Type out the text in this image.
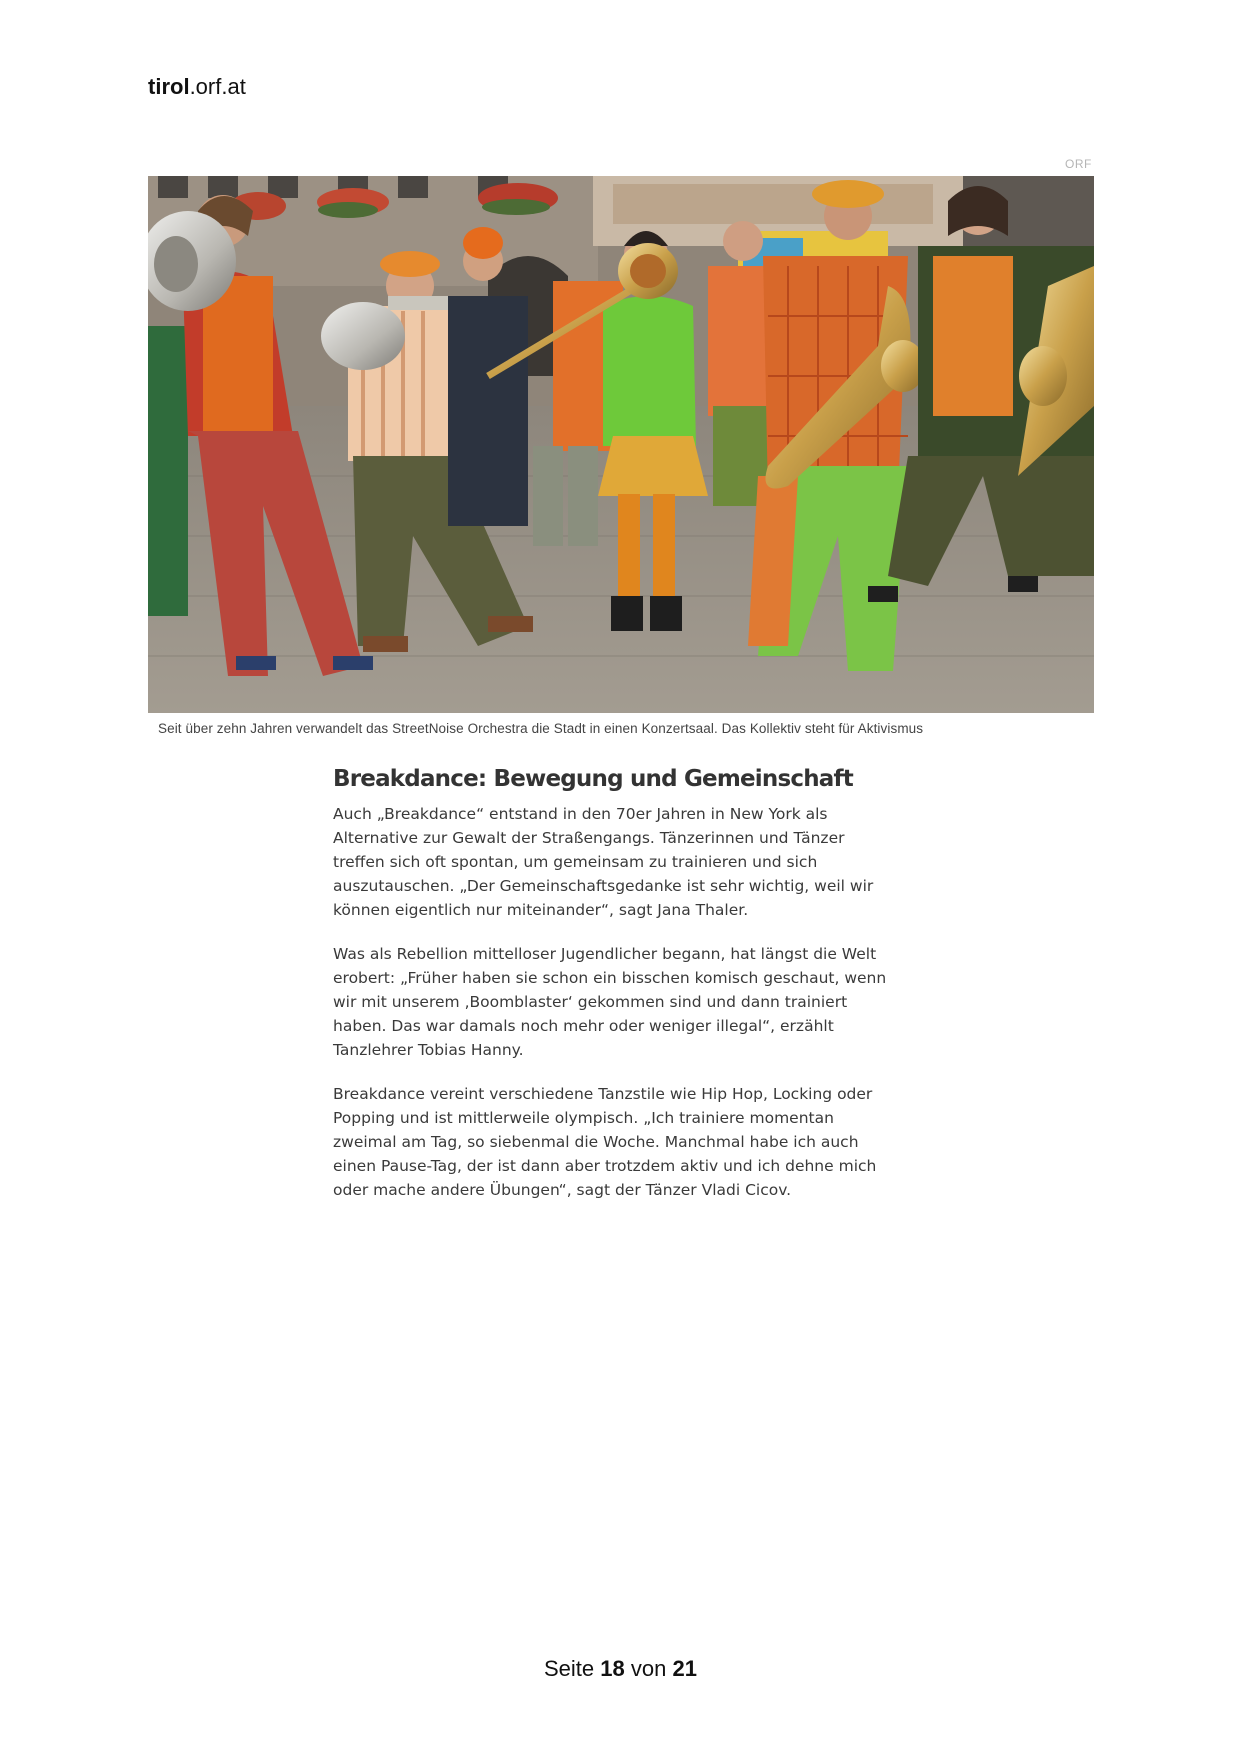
tirol.orf.at
ORF
Seit über zehn Jahren verwandelt das StreetNoise Orchestra die Stadt in einen Konzertsaal. Das Kollektiv steht für Aktivismus
Breakdance: Bewegung und Gemeinschaft

Auch „Breakdance“ entstand in den 70er Jahren in New York als
Alternative zur Gewalt der Straßengangs. Tänzerinnen und Tänzer
treffen sich oft spontan, um gemeinsam zu trainieren und sich
auszutauschen. „Der Gemeinschaftsgedanke ist sehr wichtig, weil wir
können eigentlich nur miteinander“, sagt Jana Thaler.

Was als Rebellion mittelloser Jugendlicher begann, hat längst die Welt
erobert: „Früher haben sie schon ein bisschen komisch geschaut, wenn
wir mit unserem ‚Boomblaster‘ gekommen sind und dann trainiert
haben. Das war damals noch mehr oder weniger illegal“, erzählt
Tanzlehrer Tobias Hanny.

Breakdance vereint verschiedene Tanzstile wie Hip Hop, Locking oder
Popping und ist mittlerweile olympisch. „Ich trainiere momentan
zweimal am Tag, so siebenmal die Woche. Manchmal habe ich auch
einen Pause-Tag, der ist dann aber trotzdem aktiv und ich dehne mich
oder mache andere Übungen“, sagt der Tänzer Vladi Cicov.

Seite 18 von 21
